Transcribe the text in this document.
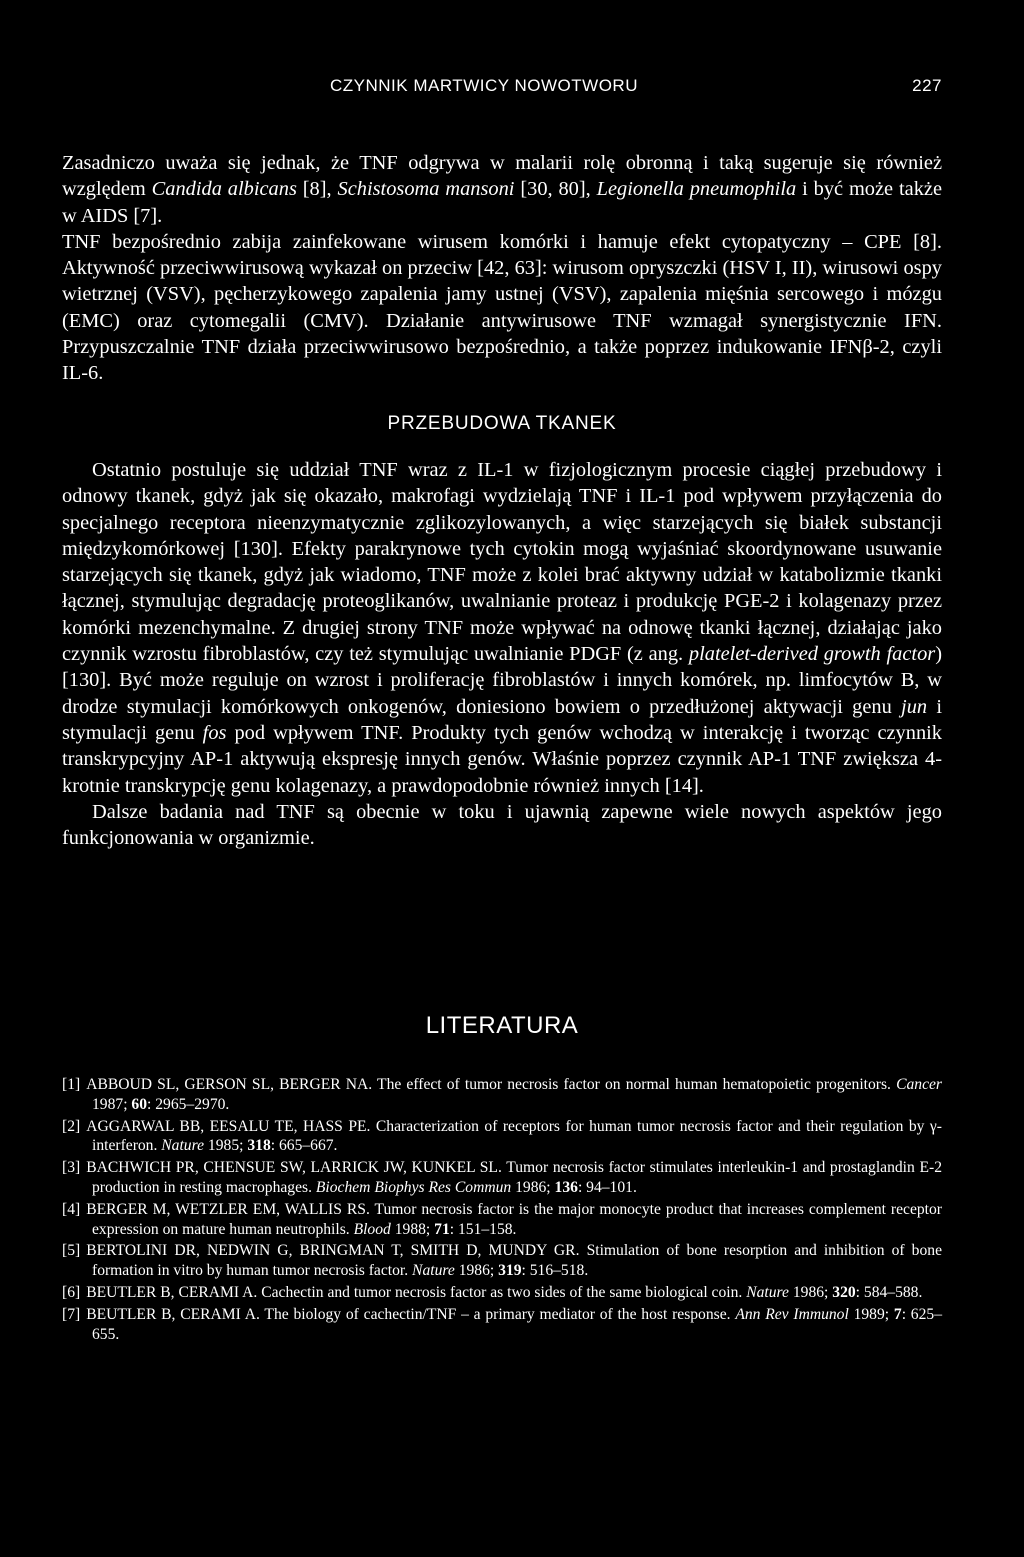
CZYNNIK MARTWICY NOWOTWORU	227

Zasadniczo uważa się jednak, że TNF odgrywa w malarii rolę obronną i taką sugeruje się również względem Candida albicans [8], Schistosoma mansoni [30, 80], Legionella pneumophila i być może także w AIDS [7].

TNF bezpośrednio zabija zainfekowane wirusem komórki i hamuje efekt cytopatyczny – CPE [8]. Aktywność przeciwwirusową wykazał on przeciw [42, 63]: wirusom opryszczki (HSV I, II), wirusowi ospy wietrznej (VSV), pęcherzykowego zapalenia jamy ustnej (VSV), zapalenia mięśnia sercowego i mózgu (EMC) oraz cytomegalii (CMV). Działanie antywirusowe TNF wzmagał synergistycznie IFN. Przypuszczalnie TNF działa przeciwwirusowo bezpośrednio, a także poprzez indukowanie IFNβ-2, czyli IL-6.

PRZEBUDOWA TKANEK

Ostatnio postuluje się uddział TNF wraz z IL-1 w fizjologicznym procesie ciągłej przebudowy i odnowy tkanek, gdyż jak się okazało, makrofagi wydzielają TNF i IL-1 pod wpływem przyłączenia do specjalnego receptora nieenzymatycznie zglikozylowanych, a więc starzejących się białek substancji międzykomórkowej [130]. Efekty parakrynowe tych cytokin mogą wyjaśniać skoordynowane usuwanie starzejących się tkanek, gdyż jak wiadomo, TNF może z kolei brać aktywny udział w katabolizmie tkanki łącznej, stymulując degradację proteoglikanów, uwalnianie proteaz i produkcję PGE-2 i kolagenazy przez komórki mezenchymalne. Z drugiej strony TNF może wpływać na odnowę tkanki łącznej, działając jako czynnik wzrostu fibroblastów, czy też stymulując uwalnianie PDGF (z ang. platelet-derived growth factor) [130]. Być może reguluje on wzrost i proliferację fibroblastów i innych komórek, np. limfocytów B, w drodze stymulacji komórkowych onkogenów, doniesiono bowiem o przedłużonej aktywacji genu jun i stymulacji genu fos pod wpływem TNF. Produkty tych genów wchodzą w interakcję i tworząc czynnik transkrypcyjny AP-1 aktywują ekspresję innych genów. Właśnie poprzez czynnik AP-1 TNF zwiększa 4-krotnie transkrypcję genu kolagenazy, a prawdopodobnie również innych [14].

Dalsze badania nad TNF są obecnie w toku i ujawnią zapewne wiele nowych aspektów jego funkcjonowania w organizmie.

LITERATURA
[1] ABBOUD SL, GERSON SL, BERGER NA. The effect of tumor necrosis factor on normal human hematopoietic progenitors. Cancer 1987; 60: 2965–2970.
[2] AGGARWAL BB, EESALU TE, HASS PE. Characterization of receptors for human tumor necrosis factor and their regulation by γ-interferon. Nature 1985; 318: 665–667.
[3] BACHWICH PR, CHENSUE SW, LARRICK JW, KUNKEL SL. Tumor necrosis factor stimulates interleukin-1 and prostaglandin E-2 production in resting macrophages. Biochem Biophys Res Commun 1986; 136: 94–101.
[4] BERGER M, WETZLER EM, WALLIS RS. Tumor necrosis factor is the major monocyte product that increases complement receptor expression on mature human neutrophils. Blood 1988; 71: 151–158.
[5] BERTOLINI DR, NEDWIN G, BRINGMAN T, SMITH D, MUNDY GR. Stimulation of bone resorption and inhibition of bone formation in vitro by human tumor necrosis factor. Nature 1986; 319: 516–518.
[6] BEUTLER B, CERAMI A. Cachectin and tumor necrosis factor as two sides of the same biological coin. Nature 1986; 320: 584–588.
[7] BEUTLER B, CERAMI A. The biology of cachectin/TNF – a primary mediator of the host response. Ann Rev Immunol 1989; 7: 625–655.
